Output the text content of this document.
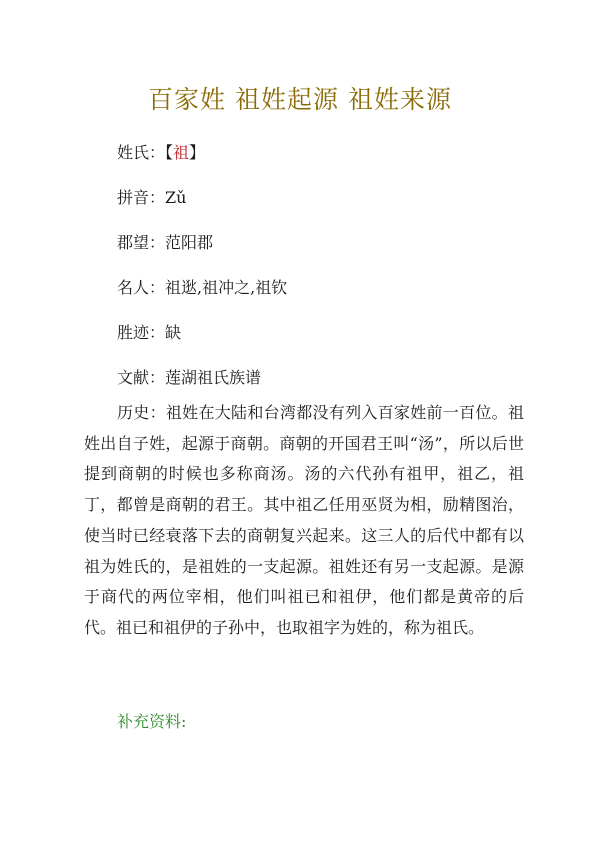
百家姓 祖姓起源 祖姓来源
姓氏：【祖】
拼音：Zǔ
郡望：范阳郡
名人：祖逖,祖冲之,祖钦
胜迹：缺
文献：莲湖祖氏族谱

历史：祖姓在大陆和台湾都没有列入百家姓前一百位。祖姓出自子姓，起源于商朝。商朝的开国君王叫“汤”，所以后世提到商朝的时候也多称商汤。汤的六代孙有祖甲，祖乙，祖丁，都曾是商朝的君王。其中祖乙任用巫贤为相，励精图治，使当时已经衰落下去的商朝复兴起来。这三人的后代中都有以祖为姓氏的，是祖姓的一支起源。祖姓还有另一支起源。是源于商代的两位宰相，他们叫祖已和祖伊，他们都是黄帝的后代。祖已和祖伊的子孙中，也取祖字为姓的，称为祖氏。

补充资料:
